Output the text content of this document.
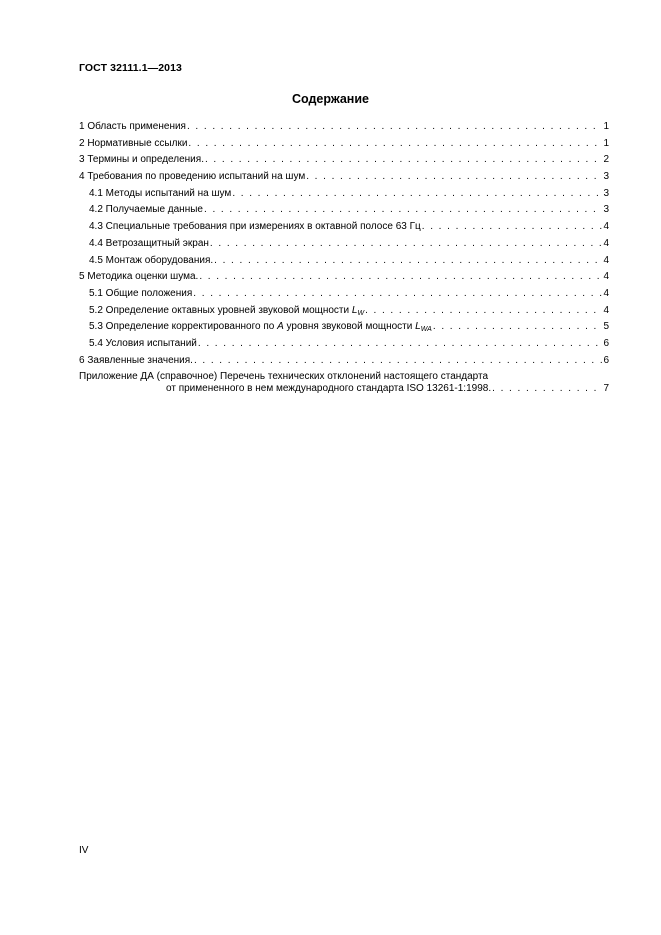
ГОСТ 32111.1—2013
Содержание
1 Область применения . . .	1
2 Нормативные ссылки . . .	1
3 Термины и определения. . . .	2
4 Требования по проведению испытаний на шум . . .	3
4.1 Методы испытаний на шум . . .	3
4.2 Получаемые данные . . .	3
4.3 Специальные требования при измерениях в октавной полосе 63 Гц . . .	4
4.4 Ветрозащитный экран . . .	4
4.5 Монтаж оборудования. . . .	4
5 Методика оценки шума. . . .	4
5.1 Общие положения . . .	4
5.2 Определение октавных уровней звуковой мощности $L_W$ . . .	4
5.3 Определение корректированного по A уровня звуковой мощности $L_{WA}$ . . .	5
5.4 Условия испытаний . . .	6
6 Заявленные значения. . . .	6
Приложение ДА (справочное) Перечень технических отклонений настоящего стандарта
от примененного в нем международного стандарта ISO 13261-1:1998. . . .	7
IV
